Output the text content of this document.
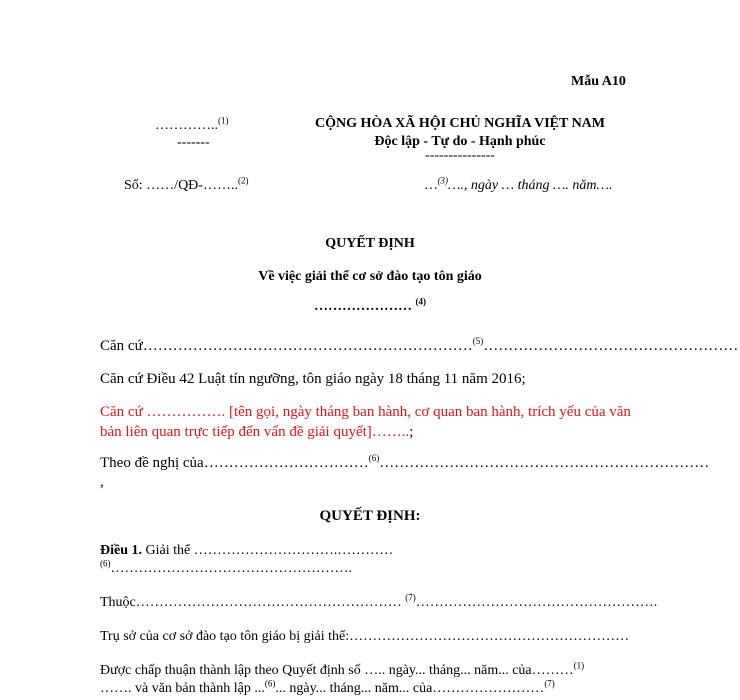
Mẫu A10
…………..$^{(1)}$
-------
CỘNG HÒA XÃ HỘI CHỦ NGHĨA VIỆT NAM
Độc lập - Tự do - Hạnh phúc
---------------
Số: ……/QĐ-……..$^{(2)}$	…$^{(3)}$…., ngày … tháng …. năm….
QUYẾT ĐỊNH
Về việc giải thể cơ sở đào tạo tôn giáo
………………… $^{(4)}$
Căn cứ…………………………………………………………$^{(5)}$……………………………………………
Căn cứ Điều 42 Luật tín ngưỡng, tôn giáo ngày 18 tháng 11 năm 2016;
Căn cứ ……………. [tên gọi, ngày tháng ban hành, cơ quan ban hành, trích yếu của văn
bản liên quan trực tiếp đến vấn đề giải quyết]……..;
Theo đề nghị của……………………………$^{(6)}$…………………………………………………………
,
QUYẾT ĐỊNH:
Điều 1. Giải thể ………………………….…………
$^{(6)}$…………………………………………….
Thuộc………………………………………………… $^{(7)}$…………………………………………….
Trụ sở của cơ sở đào tạo tôn giáo bị giải thể:……………………………………………………
Được chấp thuận thành lập theo Quyết định số ….. ngày... tháng... năm... của………$^{(1)}$
……. và văn bản thành lập ...$^{(6)}$... ngày... tháng... năm... của……………………$^{(7)}$
